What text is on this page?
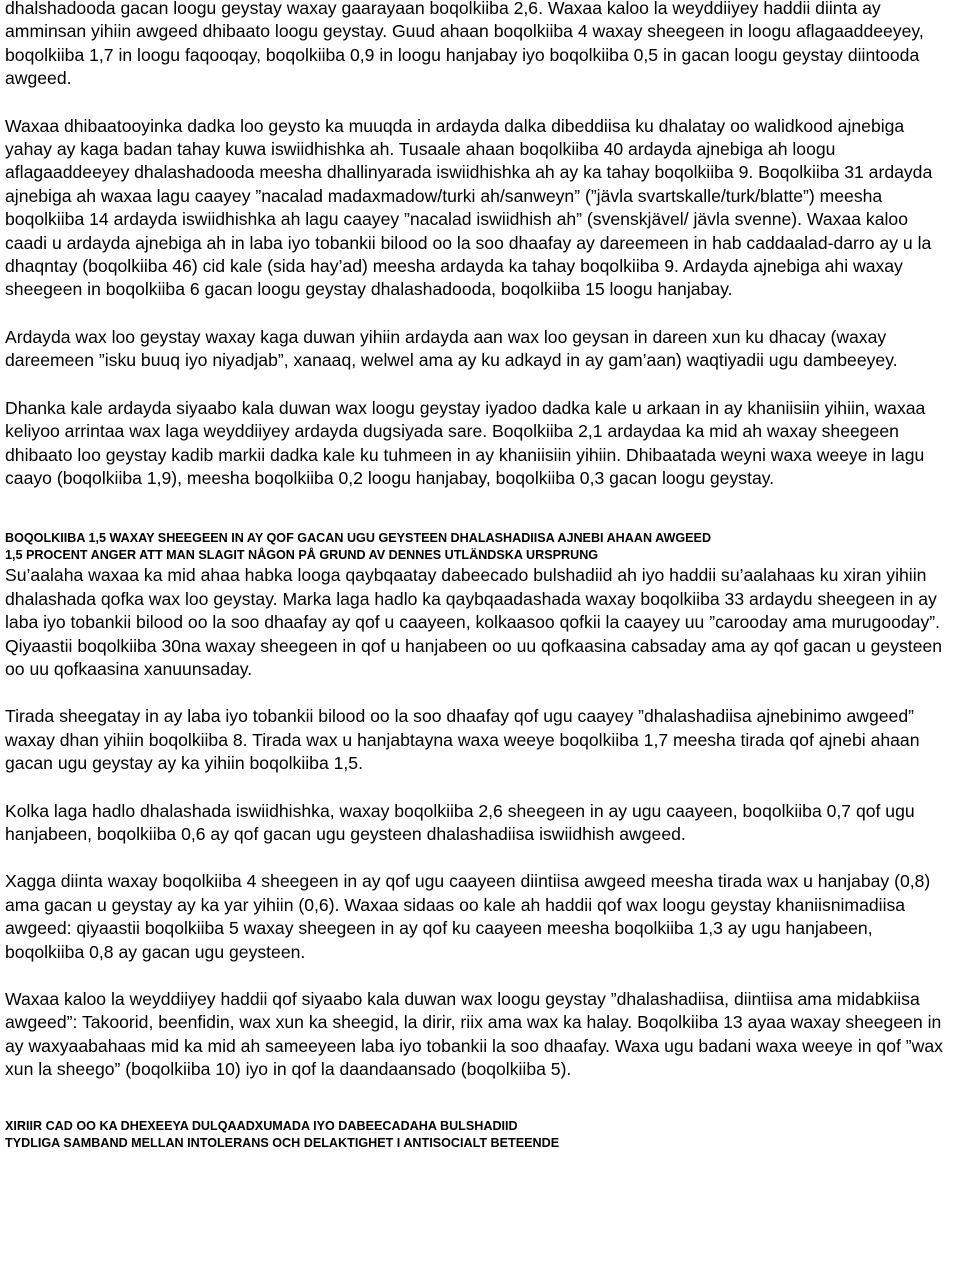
dhalshadooda gacan loogu geystay waxay gaarayaan boqolkiiba 2,6. Waxaa kaloo la weyddiiyey haddii diinta ay amminsan yihiin awgeed dhibaato loogu geystay. Guud ahaan boqolkiiba 4 waxay sheegeen in loogu aflagaaddeeyey, boqolkiiba 1,7 in loogu faqooqay, boqolkiiba 0,9 in loogu hanjabay iyo boqolkiiba 0,5 in gacan loogu geystay diintooda awgeed.

Waxaa dhibaatooyinka dadka loo geysto ka muuqda in ardayda dalka dibeddiisa ku dhalatay oo walidkood ajnebiga yahay ay kaga badan tahay kuwa iswiidhishka ah. Tusaale ahaan boqolkiiba 40 ardayda ajnebiga ah loogu aflagaaddeeyey dhalashadooda meesha dhallinyarada iswiidhishka ah ay ka tahay boqolkiiba 9. Boqolkiiba 31 ardayda ajnebiga ah waxaa lagu caayey ”nacalad madaxmadow/turki ah/sanweyn” (”jävla svartskalle/turk/blatte”) meesha boqolkiiba 14 ardayda iswiidhishka ah lagu caayey ”nacalad iswiidhish ah” (svenskjävel/ jävla svenne). Waxaa kaloo caadi u ardayda ajnebiga ah in laba iyo tobankii bilood oo la soo dhaafay ay dareemeen in hab caddaalad-darro ay u la dhaqntay (boqolkiiba 46) cid kale (sida hay’ad) meesha ardayda ka tahay boqolkiiba 9. Ardayda ajnebiga ahi waxay sheegeen in boqolkiiba 6 gacan loogu geystay dhalashadooda, boqolkiiba 15 loogu hanjabay.

Ardayda wax loo geystay waxay kaga duwan yihiin ardayda aan wax loo geysan in dareen xun ku dhacay (waxay dareemeen ”isku buuq iyo niyadjab”, xanaaq, welwel ama ay ku adkayd in ay gam’aan) waqtiyadii ugu dambeeyey.

Dhanka kale ardayda siyaabo kala duwan wax loogu geystay iyadoo dadka kale u arkaan in ay khaniisiin yihiin, waxaa keliyoo arrintaa wax laga weyddiiyey ardayda dugsiyada sare. Boqolkiiba 2,1 ardaydaa ka mid ah waxay sheegeen dhibaato loo geystay kadib markii dadka kale ku tuhmeen in ay khaniisiin yihiin. Dhibaatada weyni waxa weeye in lagu caayo (boqolkiiba 1,9), meesha boqolkiiba 0,2 loogu hanjabay, boqolkiiba 0,3 gacan loogu geystay.

BOQOLKIIBA 1,5 WAXAY SHEEGEEN IN AY QOF GACAN UGU GEYSTEEN DHALASHADIISA AJNEBI AHAAN AWGEED

1,5 PROCENT ANGER ATT MAN SLAGIT NÅGON PÅ GRUND AV DENNES UTLÄNDSKA URSPRUNG

Su’aalaha waxaa ka mid ahaa habka looga qaybqaatay dabeecado bulshadiid ah iyo haddii su’aalahaas ku xiran yihiin dhalashada qofka wax loo geystay. Marka laga hadlo ka qaybqaadashada waxay boqolkiiba 33 ardaydu sheegeen in ay laba iyo tobankii bilood oo la soo dhaafay ay qof u caayeen, kolkaasoo qofkii la caayey uu ”carooday ama murugooday”. Qiyaastii boqolkiiba 30na waxay sheegeen in qof u hanjabeen oo uu qofkaasina cabsaday ama ay qof gacan u geysteen oo uu qofkaasina xanuunsaday.

Tirada sheegatay in ay laba iyo tobankii bilood oo la soo dhaafay qof ugu caayey ”dhalashadiisa ajnebinimo awgeed” waxay dhan yihiin boqolkiiba 8. Tirada wax u hanjabtayna waxa weeye boqolkiiba 1,7 meesha tirada qof ajnebi ahaan gacan ugu geystay ay ka yihiin boqolkiiba 1,5.

Kolka laga hadlo dhalashada iswiidhishka, waxay boqolkiiba 2,6 sheegeen in ay ugu caayeen, boqolkiiba 0,7 qof ugu hanjabeen, boqolkiiba 0,6 ay qof gacan ugu geysteen dhalashadiisa iswiidhish awgeed.

Xagga diinta waxay boqolkiiba 4 sheegeen in ay qof ugu caayeen diintiisa awgeed meesha tirada wax u hanjabay (0,8) ama gacan u geystay ay ka yar yihiin (0,6). Waxaa sidaas oo kale ah haddii qof wax loogu geystay khaniisnimadiisa awgeed: qiyaastii boqolkiiba 5 waxay sheegeen in ay qof ku caayeen meesha boqolkiiba 1,3 ay ugu hanjabeen, boqolkiiba 0,8 ay gacan ugu geysteen.

Waxaa kaloo la weyddiiyey haddii qof siyaabo kala duwan wax loogu geystay ”dhalashadiisa, diintiisa ama midabkiisa awgeed”: Takoorid, beenfidin, wax xun ka sheegid, la dirir, riix ama wax ka halay. Boqolkiibа 13 ayaa waxay sheegeen in ay waxyaabahaas mid ka mid ah sameeyeen laba iyo tobankii la soo dhaafay. Waxa ugu badani waxa weeye in qof ”wax xun la sheego” (boqolkiiba 10) iyo in qof la daandaansado (boqolkiiba 5).

XIRIIR CAD OO KA DHEXEEYA DULQAADXUMADA IYO DABEECADAHA BULSHADIID

TYDLIGA SAMBAND MELLAN INTOLERANS OCH DELAKTIGHET I ANTISOCIALT BETEENDE
